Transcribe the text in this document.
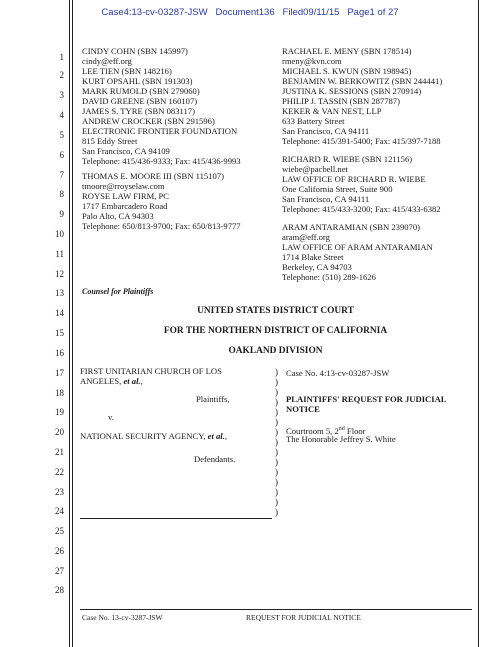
Case4:13-cv-03287-JSW   Document136   Filed09/11/15   Page1 of 27
1
2
3
4
5
6
7
8
9
10
11
12
13
14
15
16
17
18
19
20
21
22
23
24
25
26
27
28
CINDY COHN (SBN 145997)
cindy@eff.org
LEE TIEN (SBN 148216)
KURT OPSAHL (SBN 191303)
MARK RUMOLD (SBN 279060)
DAVID GREENE (SBN 160107)
JAMES S. TYRE (SBN 083117)
ANDREW CROCKER (SBN 291596)
ELECTRONIC FRONTIER FOUNDATION
815 Eddy Street
San Francisco, CA 94109
Telephone: 415/436-9333; Fax: 415/436-9993
THOMAS E. MOORE III (SBN 115107)
tmoore@rroyselaw.com
ROYSE LAW FIRM, PC
1717 Embarcadero Road
Palo Alto, CA 94303
Telephone: 650/813-9700; Fax: 650/813-9777
RACHAEL E. MENY (SBN 178514)
rmeny@kvn.com
MICHAEL S. KWUN (SBN 198945)
BENJAMIN W. BERKOWITZ (SBN 244441)
JUSTINA K. SESSIONS (SBN 270914)
PHILIP J. TASSIN (SBN 287787)
KEKER & VAN NEST, LLP
633 Battery Street
San Francisco, CA 94111
Telephone: 415/391-5400; Fax: 415/397-7188
RICHARD R. WIEBE (SBN 121156)
wiebe@pacbell.net
LAW OFFICE OF RICHARD R. WIEBE
One California Street, Suite 900
San Francisco, CA 94111
Telephone: 415/433-3200; Fax: 415/433-6382
ARAM ANTARAMIAN (SBN 239070)
aram@eff.org
LAW OFFICE OF ARAM ANTARAMIAN
1714 Blake Street
Berkeley, CA 94703
Telephone: (510) 289-1626
Counsel for Plaintiffs
UNITED STATES DISTRICT COURT
FOR THE NORTHERN DISTRICT OF CALIFORNIA
OAKLAND DIVISION
FIRST UNITARIAN CHURCH OF LOS
ANGELES, et al.,
Plaintiffs,
v.
NATIONAL SECURITY AGENCY, et al.,
Defendants.
)
)
)
)
)
)
)
)
)
)
)
)
)
)
)
Case No. 4:13-cv-03287-JSW
PLAINTIFFS' REQUEST FOR JUDICIAL
NOTICE
Courtroom 5, 2nd Floor
The Honorable Jeffrey S. White
Case No. 13-cv-3287-JSW	REQUEST FOR JUDICIAL NOTICE
